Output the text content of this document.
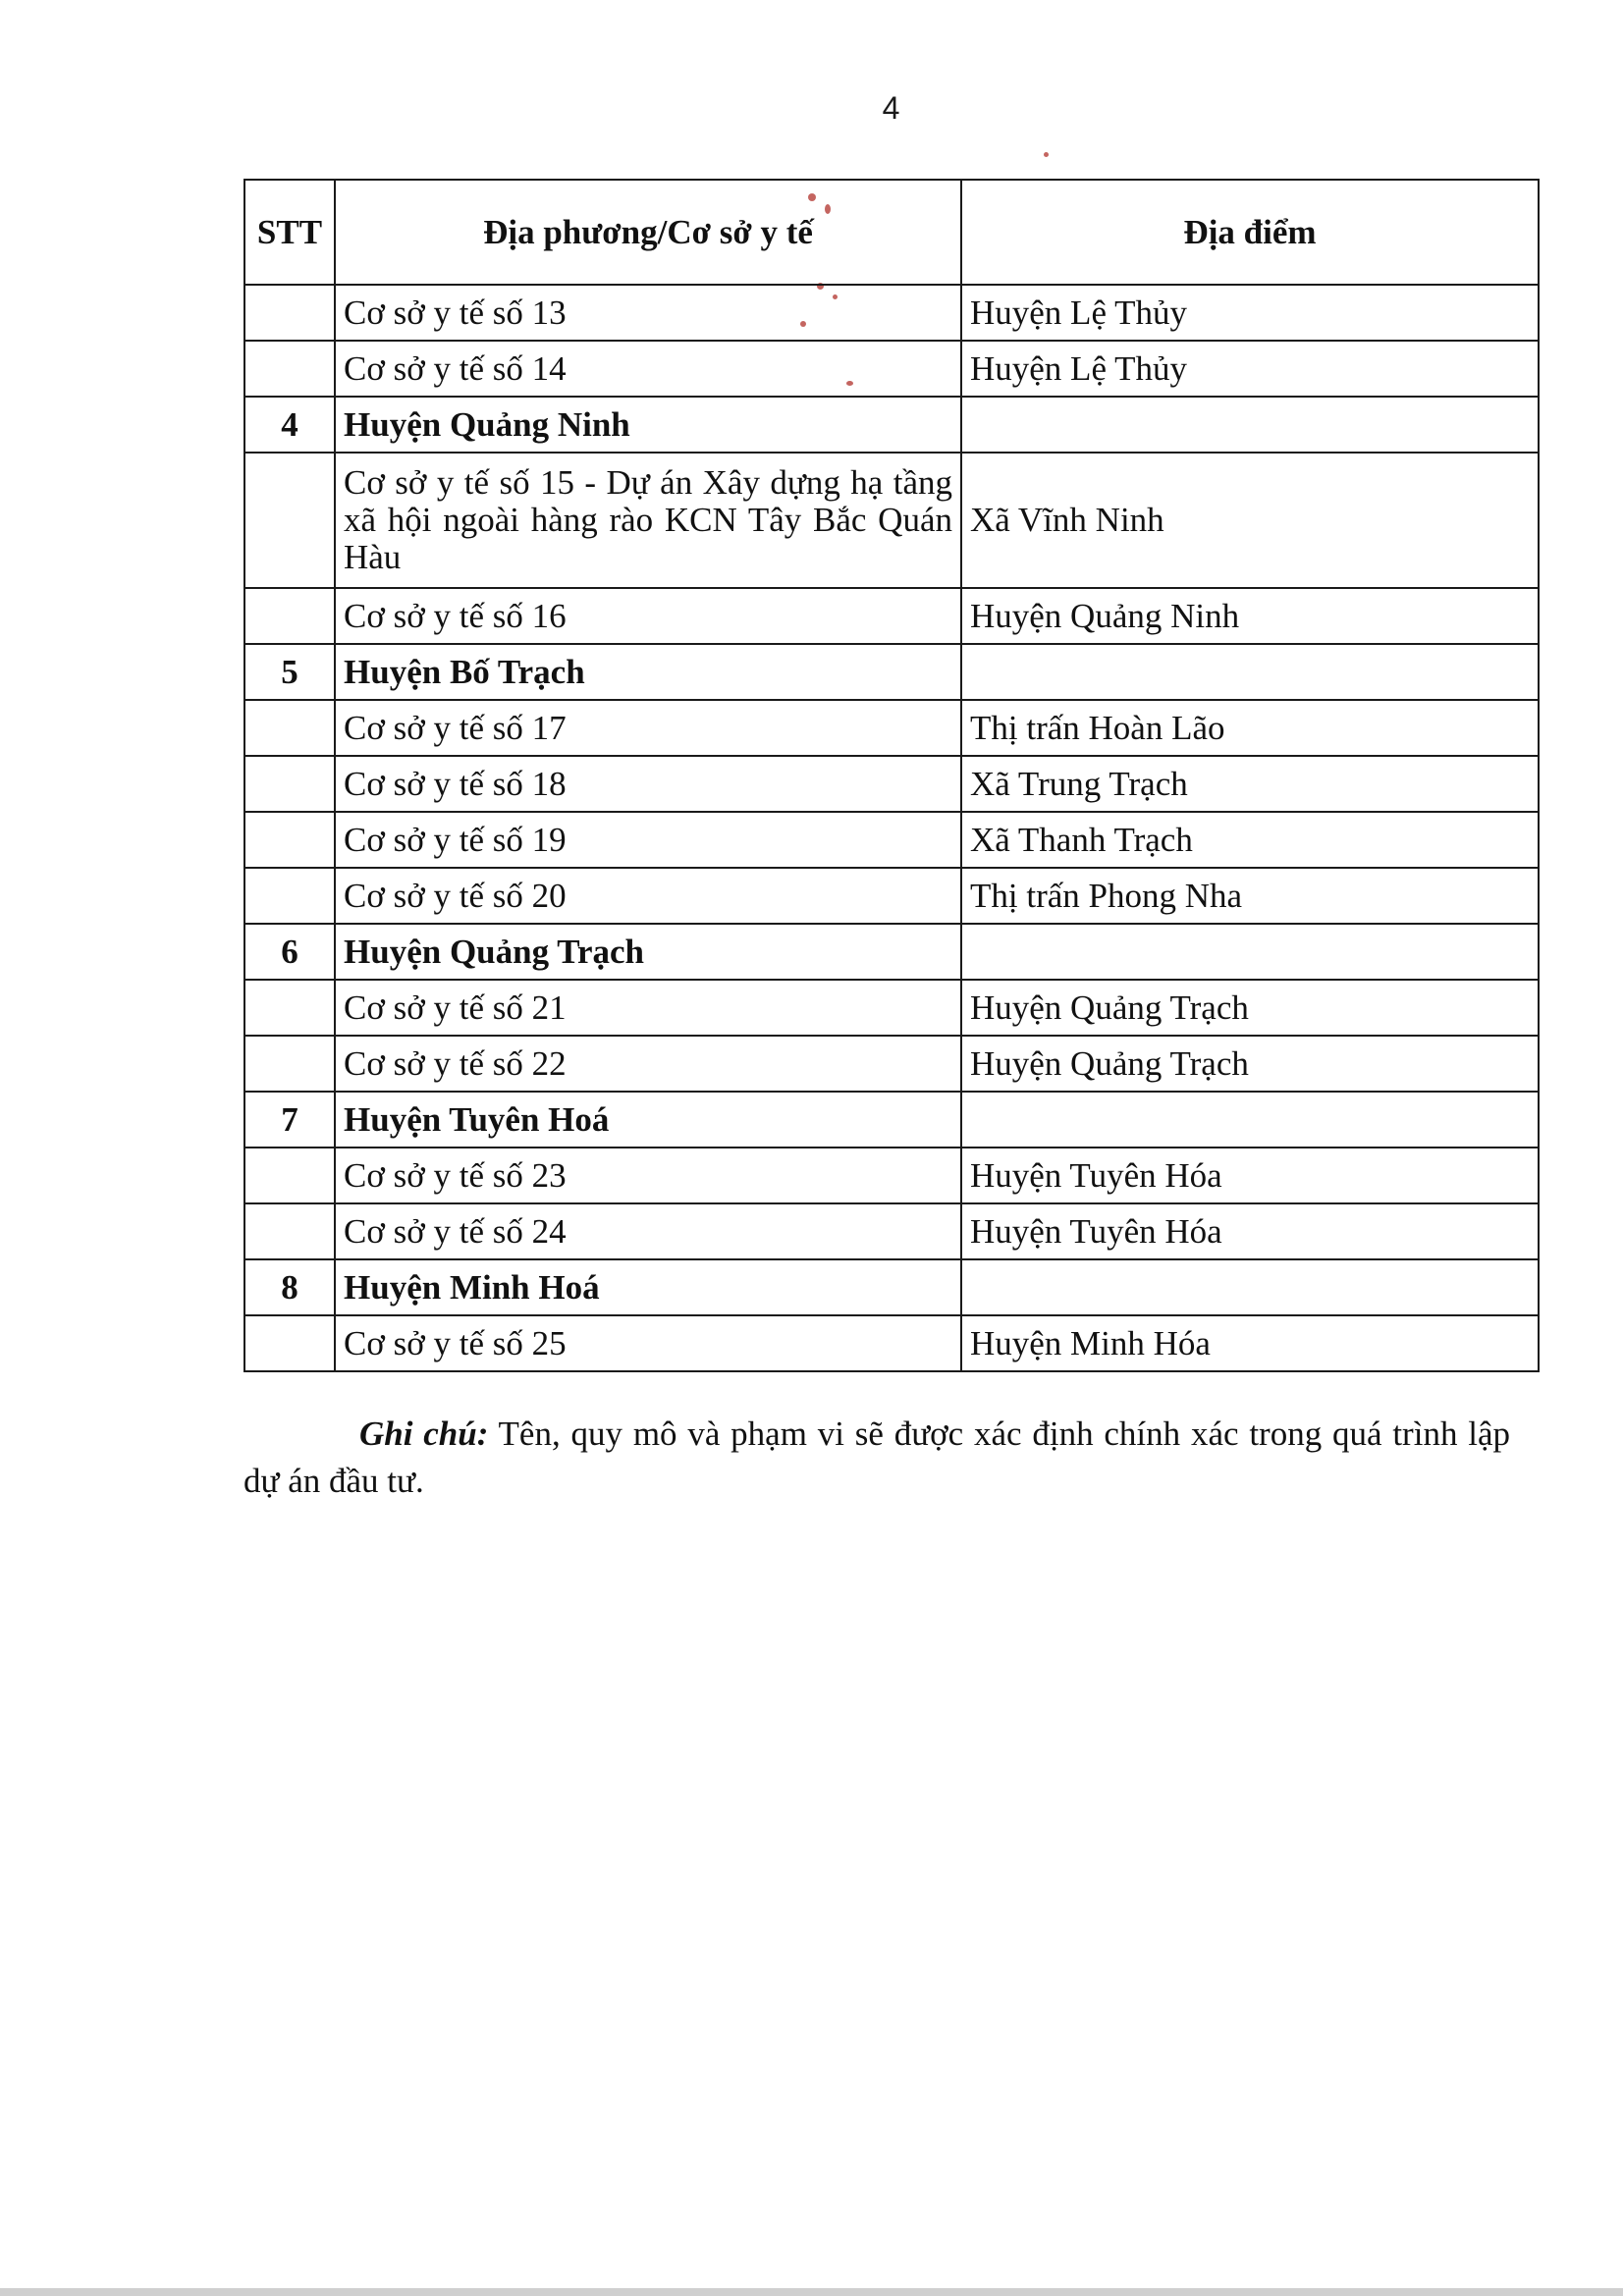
4
STT	Địa phương/Cơ sở y tế	Địa điểm
	Cơ sở y tế số 13	Huyện Lệ Thủy
	Cơ sở y tế số 14	Huyện Lệ Thủy
4	Huyện Quảng Ninh	
	Cơ sở y tế số 15 - Dự án Xây dựng hạ tầng xã hội ngoài hàng rào KCN Tây Bắc Quán Hàu	Xã Vĩnh Ninh
	Cơ sở y tế số 16	Huyện Quảng Ninh
5	Huyện Bố Trạch	
	Cơ sở y tế số 17	Thị trấn Hoàn Lão
	Cơ sở y tế số 18	Xã Trung Trạch
	Cơ sở y tế số 19	Xã Thanh Trạch
	Cơ sở y tế số 20	Thị trấn Phong Nha
6	Huyện Quảng Trạch	
	Cơ sở y tế số 21	Huyện Quảng Trạch
	Cơ sở y tế số 22	Huyện Quảng Trạch
7	Huyện Tuyên Hoá	
	Cơ sở y tế số 23	Huyện Tuyên Hóa
	Cơ sở y tế số 24	Huyện Tuyên Hóa
8	Huyện Minh Hoá	
	Cơ sở y tế số 25	Huyện Minh Hóa

Ghi chú: Tên, quy mô và phạm vi sẽ được xác định chính xác trong quá trình lập dự án đầu tư.
